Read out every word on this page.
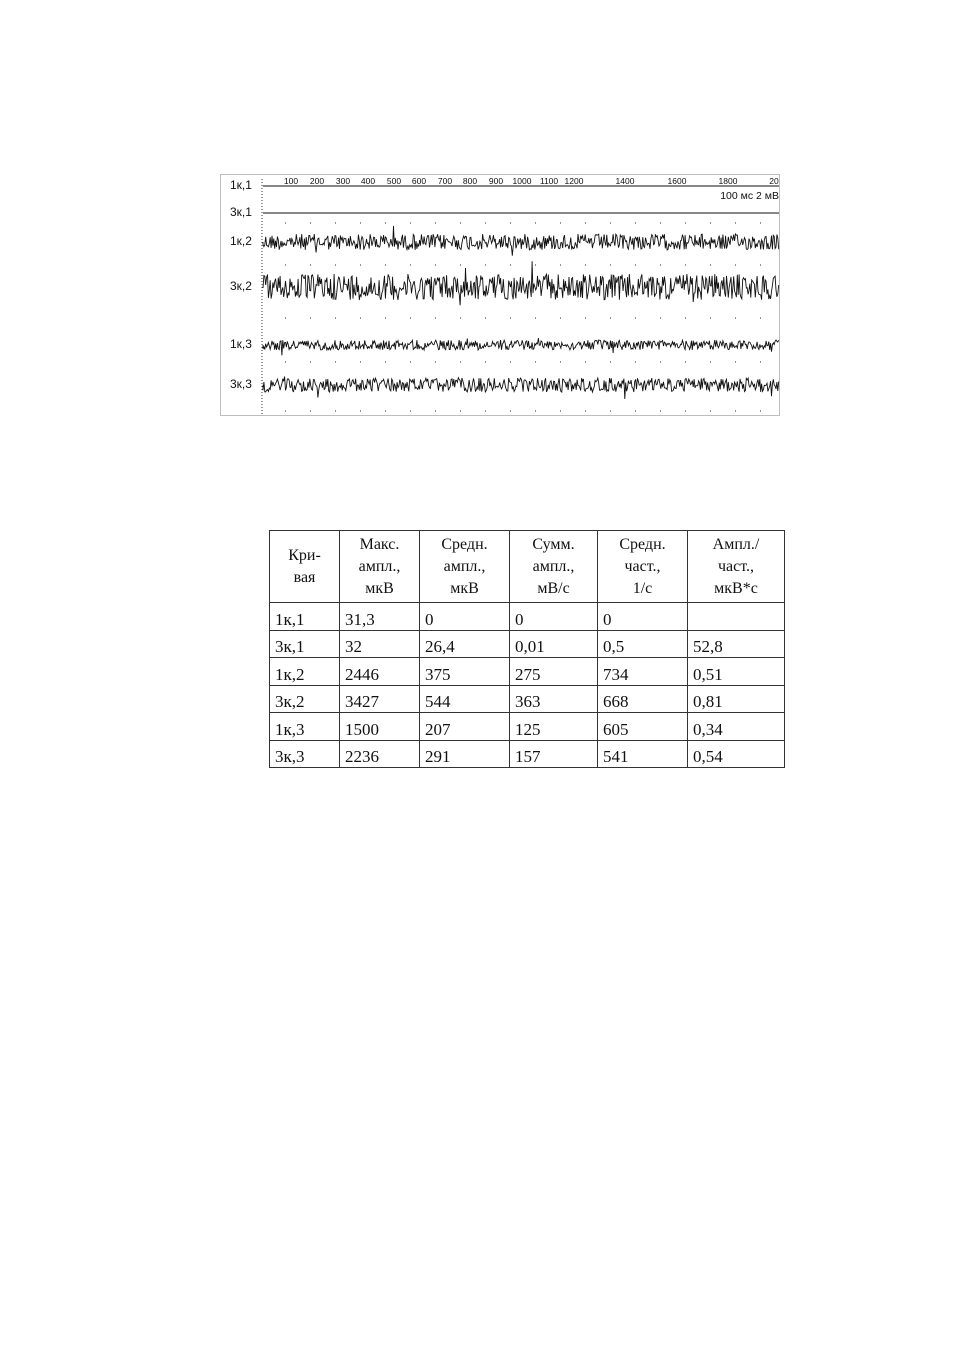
100 200 300 400 500 600 700 800 900 1000 1100 1200	1400	1600	1800	20
100 мс 2 мВ
1к,1
3к,1
1к,2
3к,2
1к,3
3к,3
Кри-
вая	Макс.
ампл.,
мкВ	Средн.
ампл.,
мкВ	Сумм.
ампл.,
мВ/с	Средн.
част.,
1/с	Ампл./
част.,
мкВ*с

1к,1	31,3	0	0	0	
3к,1	32	26,4	0,01	0,5	52,8
1к,2	2446	375	275	734	0,51
3к,2	3427	544	363	668	0,81
1к,3	1500	207	125	605	0,34
3к,3	2236	291	157	541	0,54
